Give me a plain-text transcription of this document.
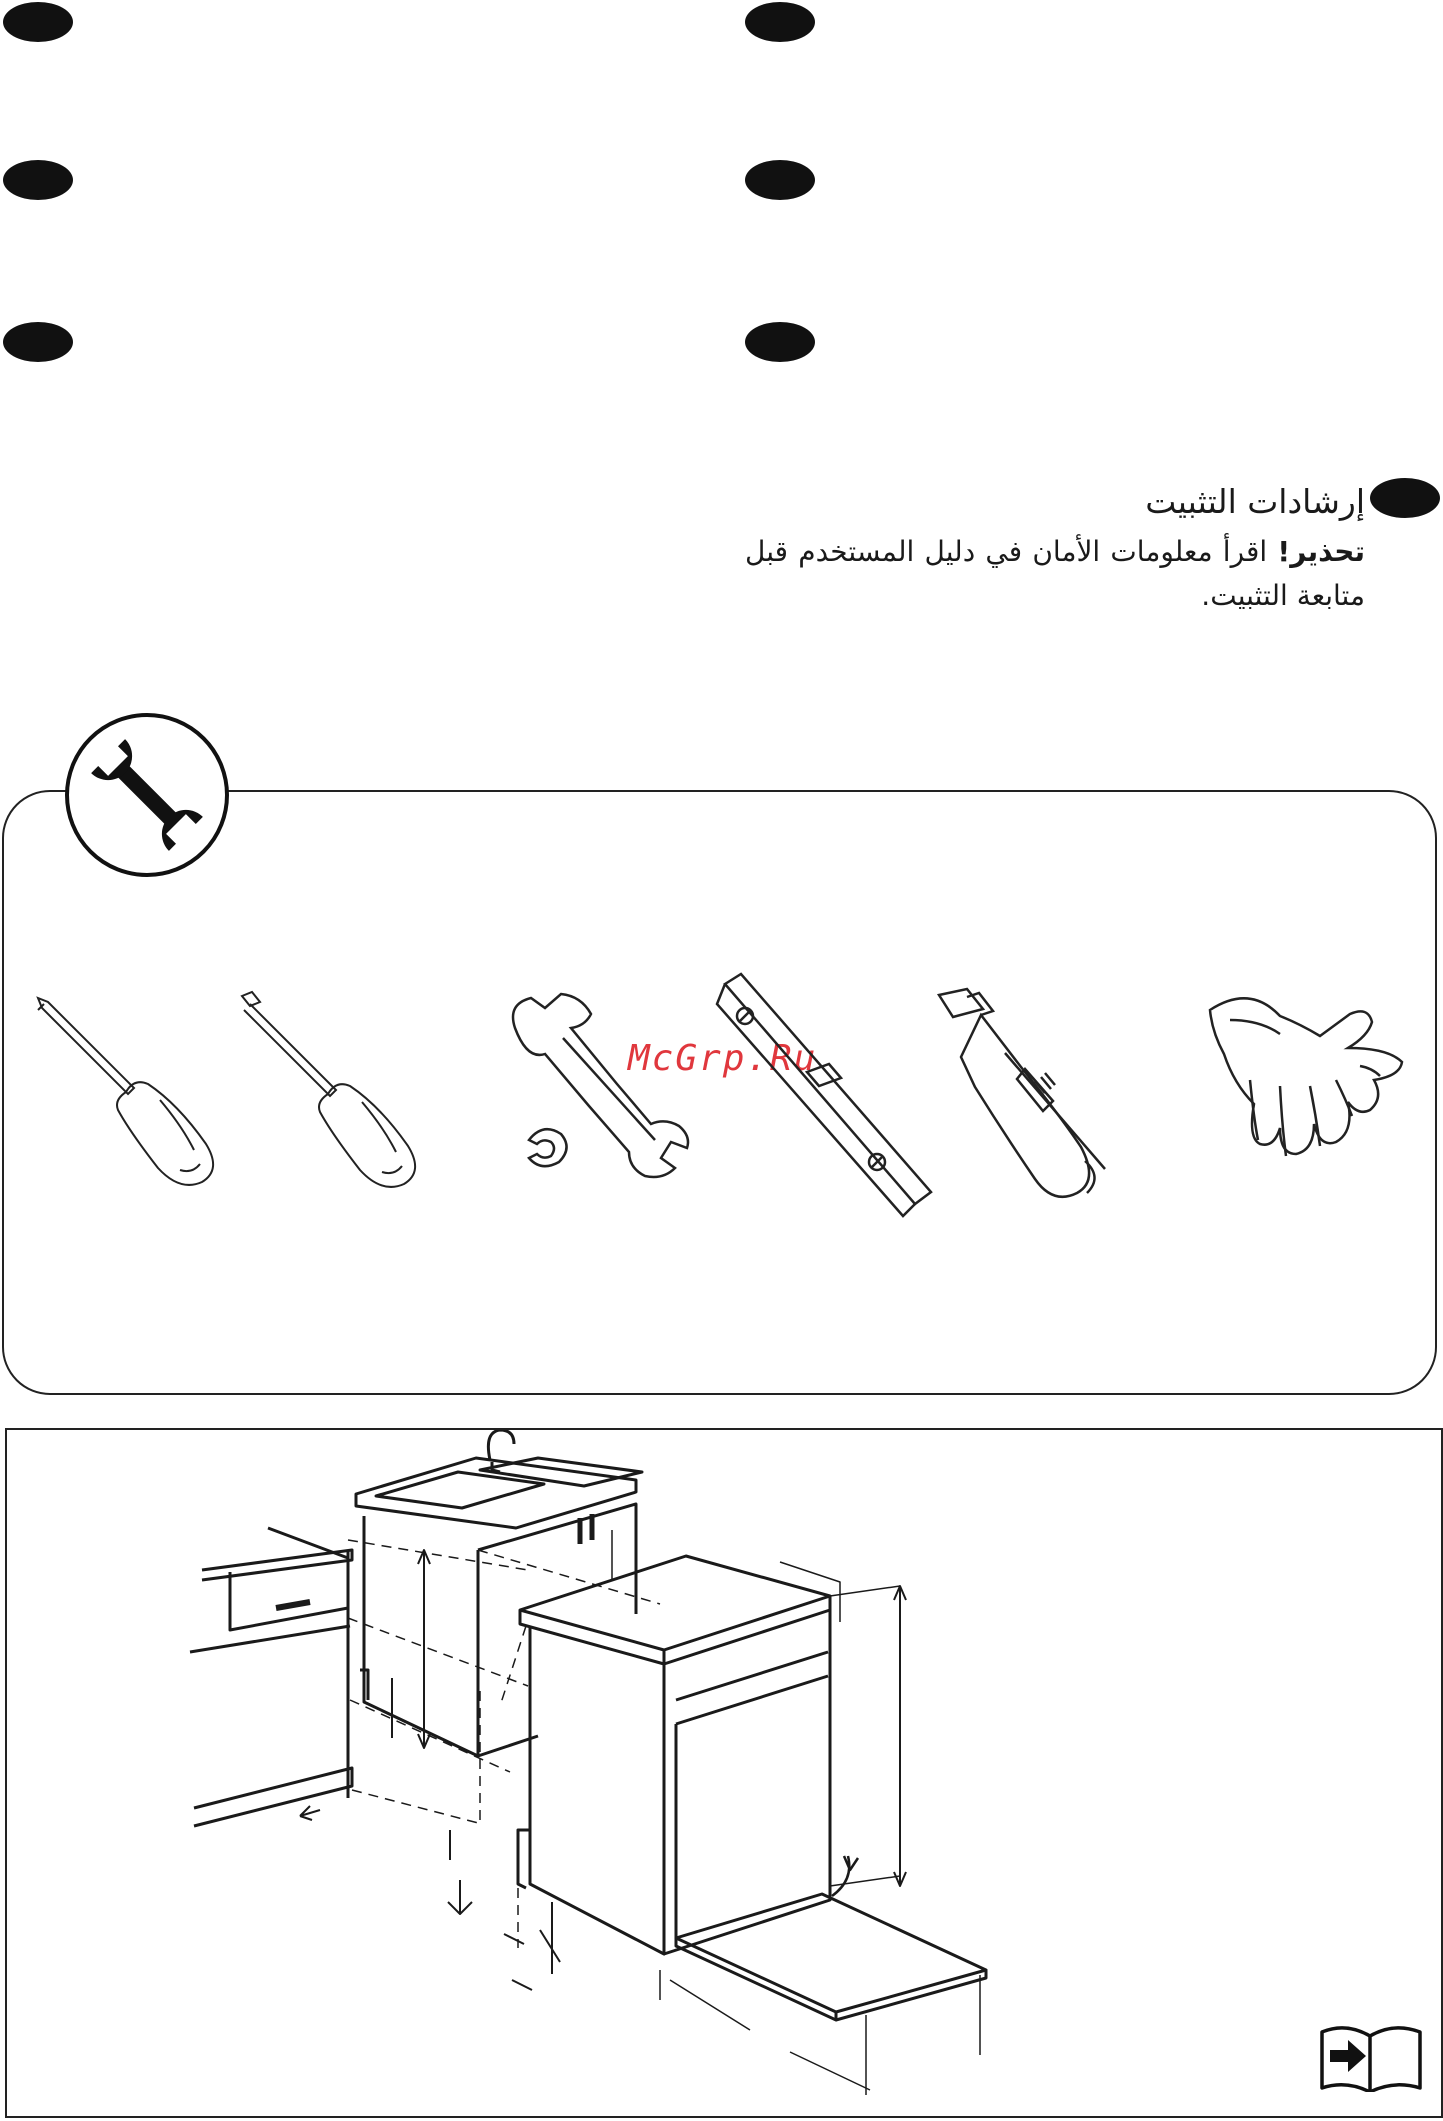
إرشادات التثبيت
تحذير! اقرأ معلومات الأمان في دليل المستخدم قبل متابعة التثبيت.
McGrp.Ru
